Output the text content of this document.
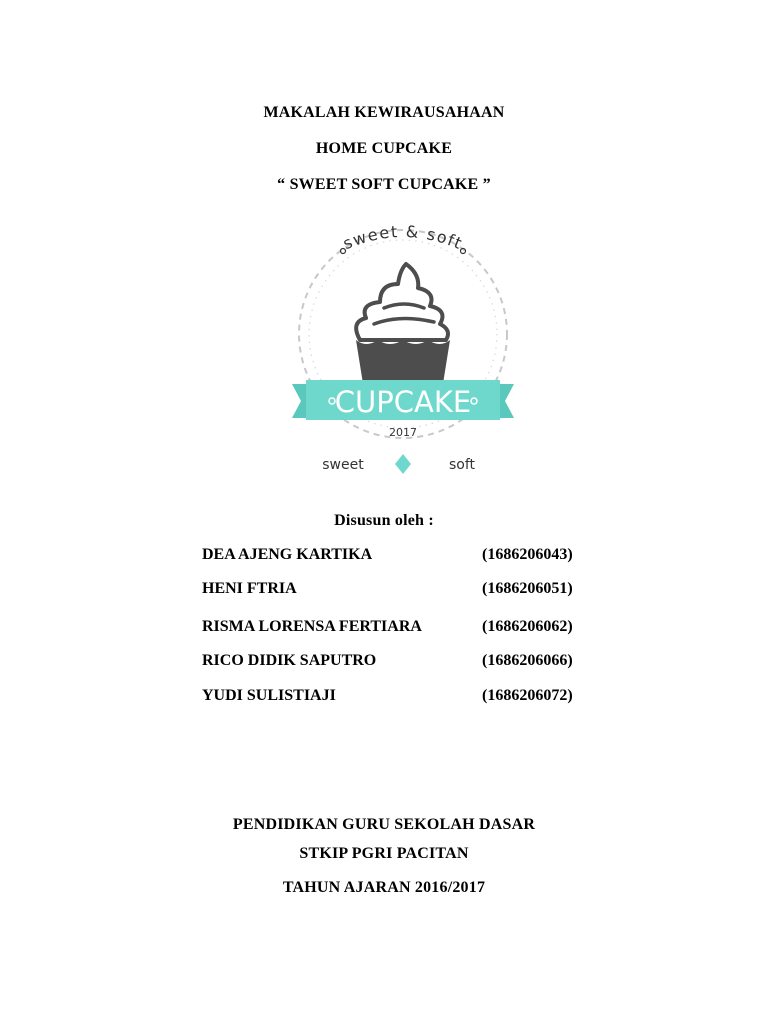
MAKALAH KEWIRAUSAHAAN
HOME CUPCAKE
“ SWEET SOFT CUPCAKE ”
sweet & soft
CUPCAKE
2017
sweet	soft
Disusun oleh :
DEA AJENG KARTIKA	(1686206043)
HENI FTRIA	(1686206051)
RISMA LORENSA FERTIARA	(1686206062)
RICO DIDIK SAPUTRO	(1686206066)
YUDI SULISTIAJI	(1686206072)
PENDIDIKAN GURU SEKOLAH DASAR
STKIP PGRI PACITAN
TAHUN AJARAN 2016/2017
